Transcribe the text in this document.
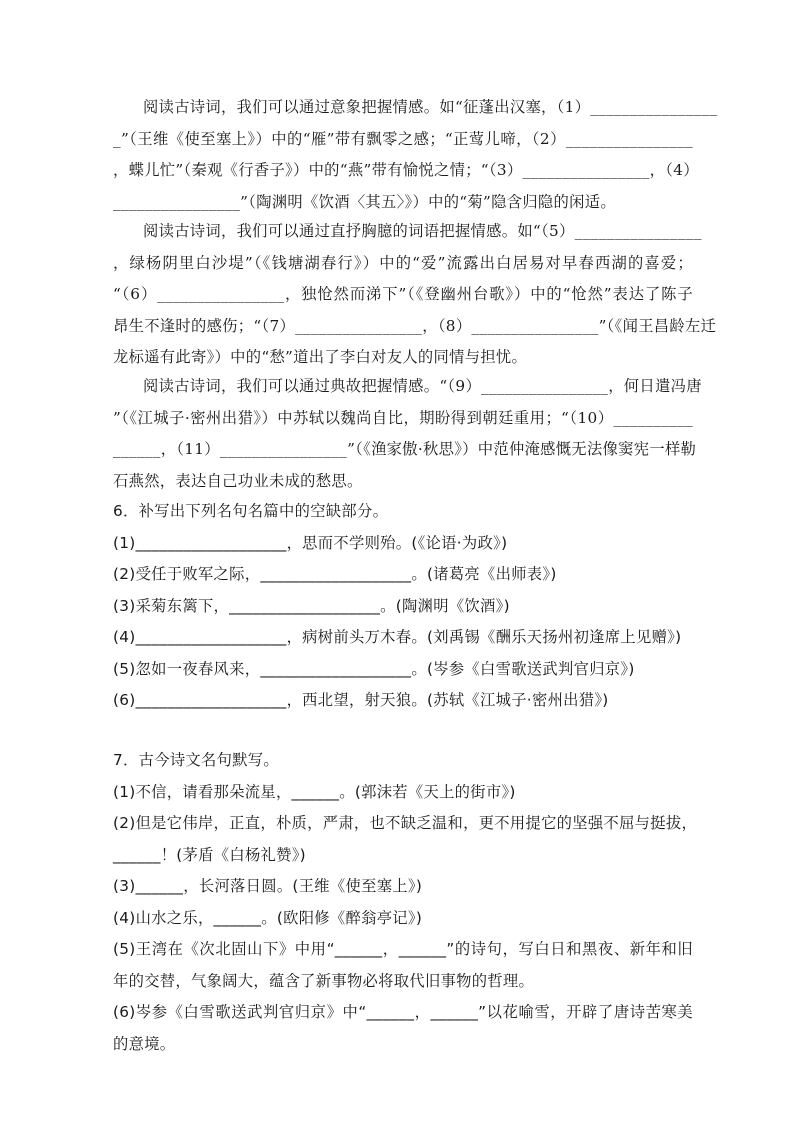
阅读古诗词，我们可以通过意象把握情感。如“征蓬出汉塞，（1）________________
_”（王维《使至塞上》）中的“雁”带有飘零之感；“正莺儿啼，（2）________________
，蝶儿忙”（秦观《行香子》）中的“燕”带有愉悦之情；“（3）________________，（4）
________________”（陶渊明《饮酒〈其五〉》）中的“菊”隐含归隐的闲适。
阅读古诗词，我们可以通过直抒胸臆的词语把握情感。如“（5）________________
，绿杨阴里白沙堤”（《钱塘湖春行》）中的“爱”流露出白居易对早春西湖的喜爱；
“（6）________________，独怆然而涕下”（《登幽州台歌》）中的“怆然”表达了陈子
昂生不逢时的感伤；“（7）________________，（8）________________”（《闻王昌龄左迁
龙标遥有此寄》）中的“愁”道出了李白对友人的同情与担忧。
阅读古诗词，我们可以通过典故把握情感。“（9）________________，何日遣冯唐
”（《江城子·密州出猎》）中苏轼以魏尚自比，期盼得到朝廷重用；“（10）__________
______，（11）________________”（《渔家傲·秋思》）中范仲淹感慨无法像窦宪一样勒
石燕然，表达自己功业未成的愁思。
6．补写出下列名句名篇中的空缺部分。
(1)___________________，思而不学则殆。(《论语·为政》)
(2)受任于败军之际，___________________。(诸葛亮《出师表》)
(3)采菊东篱下，___________________。(陶渊明《饮酒》)
(4)___________________，病树前头万木春。(刘禹锡《酬乐天扬州初逢席上见赠》)
(5)忽如一夜春风来，___________________。(岑参《白雪歌送武判官归京》)
(6)___________________，西北望，射天狼。(苏轼《江城子·密州出猎》)
7．古今诗文名句默写。
(1)不信，请看那朵流星，______。(郭沫若《天上的街市》)
(2)但是它伟岸，正直，朴质，严肃，也不缺乏温和，更不用提它的坚强不屈与挺拔，
______！(茅盾《白杨礼赞》)
(3)______，长河落日圆。(王维《使至塞上》)
(4)山水之乐，______。(欧阳修《醉翁亭记》)
(5)王湾在《次北固山下》中用“______，______”的诗句，写白日和黑夜、新年和旧
年的交替，气象阔大，蕴含了新事物必将取代旧事物的哲理。
(6)岑参《白雪歌送武判官归京》中“______，______”以花喻雪，开辟了唐诗苦寒美
的意境。
